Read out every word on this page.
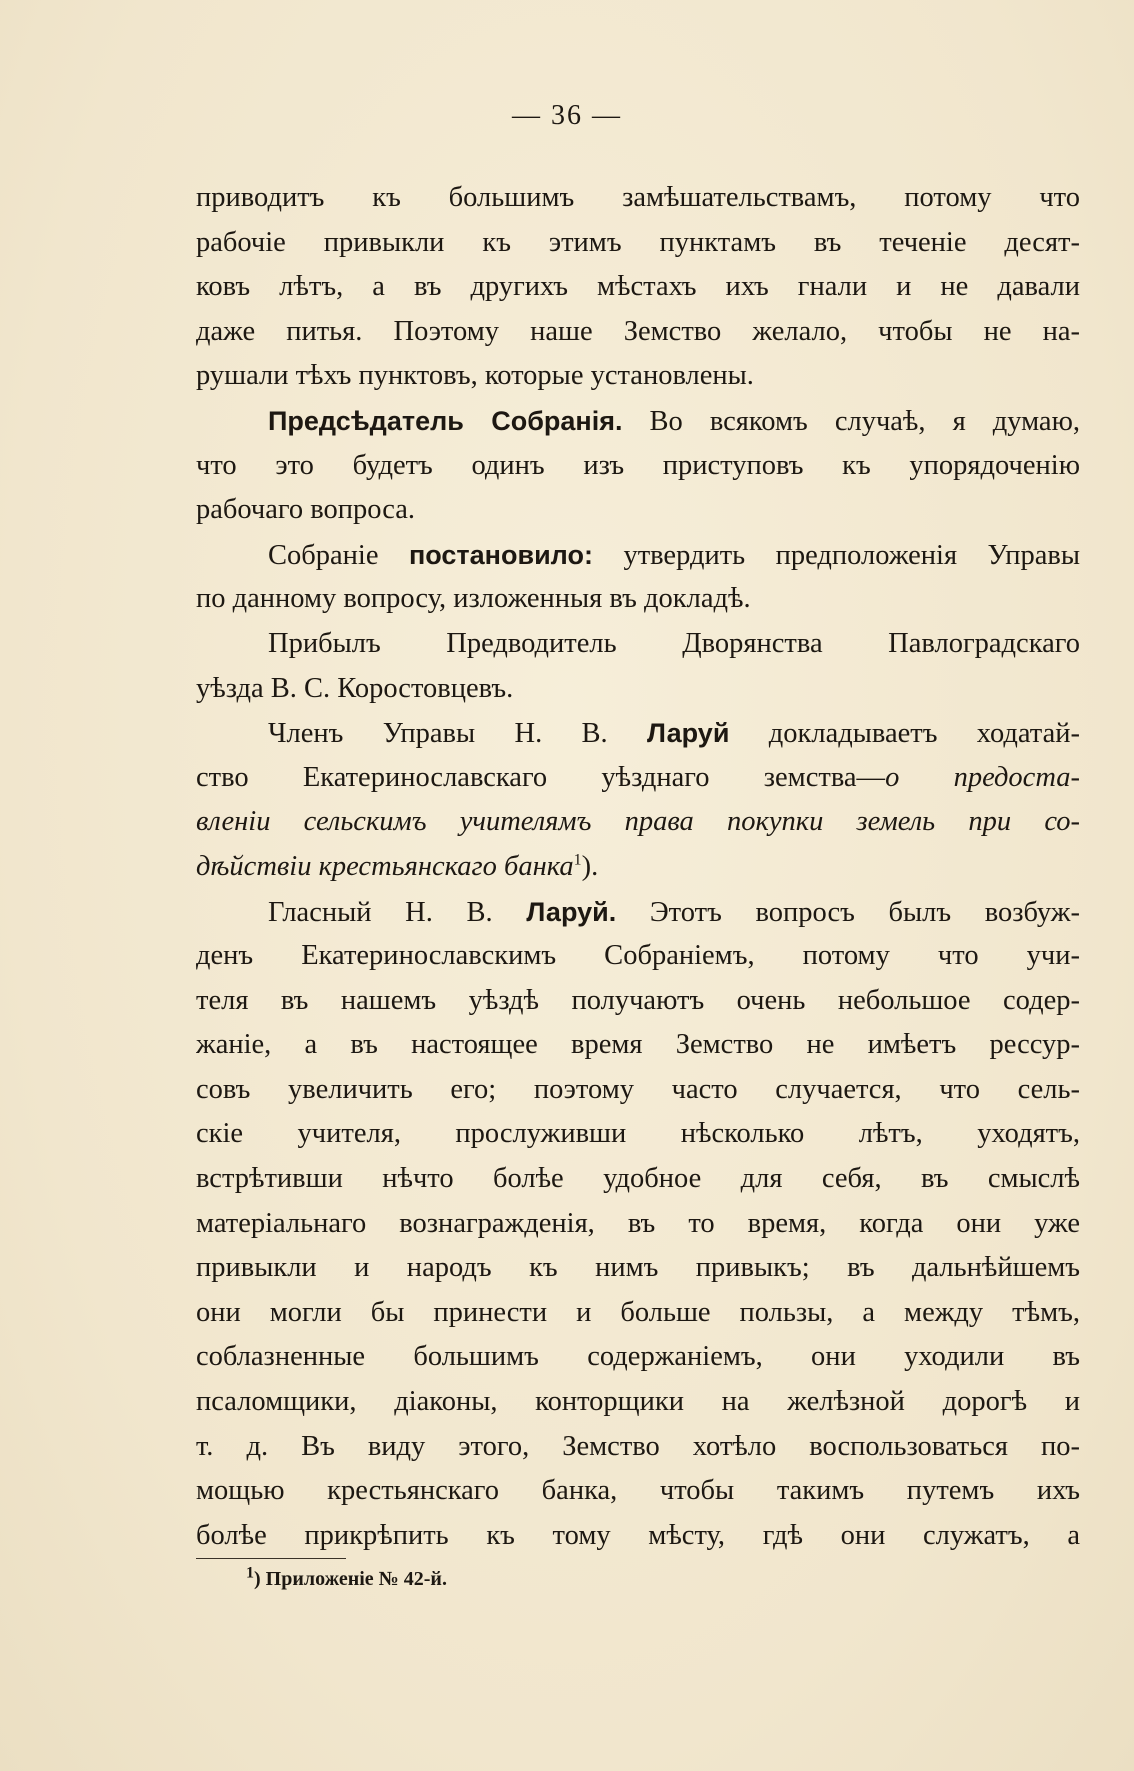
— 36 —
приводитъ къ большимъ замѣшательствамъ, потому что
рабочіе привыкли къ этимъ пунктамъ въ теченіе десят-
ковъ лѣтъ, а въ другихъ мѣстахъ ихъ гнали и не давали
даже питья. Поэтому наше Земство желало, чтобы не на-
рушали тѣхъ пунктовъ, которые установлены.
Предсѣдатель Собранія. Во всякомъ случаѣ, я думаю,
что это будетъ одинъ изъ приступовъ къ упорядоченію
рабочаго вопроса.
Собраніе постановило: утвердить предположенія Управы
по данному вопросу, изложенныя въ докладѣ.
Прибылъ Предводитель Дворянства Павлоградскаго
уѣзда В. С. Коростовцевъ.
Членъ Управы Н. В. Ларуй докладываетъ ходатай-
ство Екатеринославскаго уѣзднаго земства—о предоста-
вленіи сельскимъ учителямъ права покупки земель при со-
дѣйствіи крестьянскаго банка$^1$).
Гласный Н. В. Ларуй. Этотъ вопросъ былъ возбуж-
денъ Екатеринославскимъ Собраніемъ, потому что учи-
теля въ нашемъ уѣздѣ получаютъ очень небольшое содер-
жаніе, а въ настоящее время Земство не имѣетъ рессур-
совъ увеличить его; поэтому часто случается, что сель-
скіе учителя, прослуживши нѣсколько лѣтъ, уходятъ,
встрѣтивши нѣчто болѣе удобное для себя, въ смыслѣ
матеріальнаго вознагражденія, въ то время, когда они уже
привыкли и народъ къ нимъ привыкъ; въ дальнѣйшемъ
они могли бы принести и больше пользы, а между тѣмъ,
соблазненные большимъ содержаніемъ, они уходили въ
псаломщики, діаконы, конторщики на желѣзной дорогѣ и
т. д. Въ виду этого, Земство хотѣло воспользоваться по-
мощью крестьянскаго банка, чтобы такимъ путемъ ихъ
болѣе прикрѣпить къ тому мѣсту, гдѣ они служатъ, а
$^1$) Приложеніе № 42-й.
